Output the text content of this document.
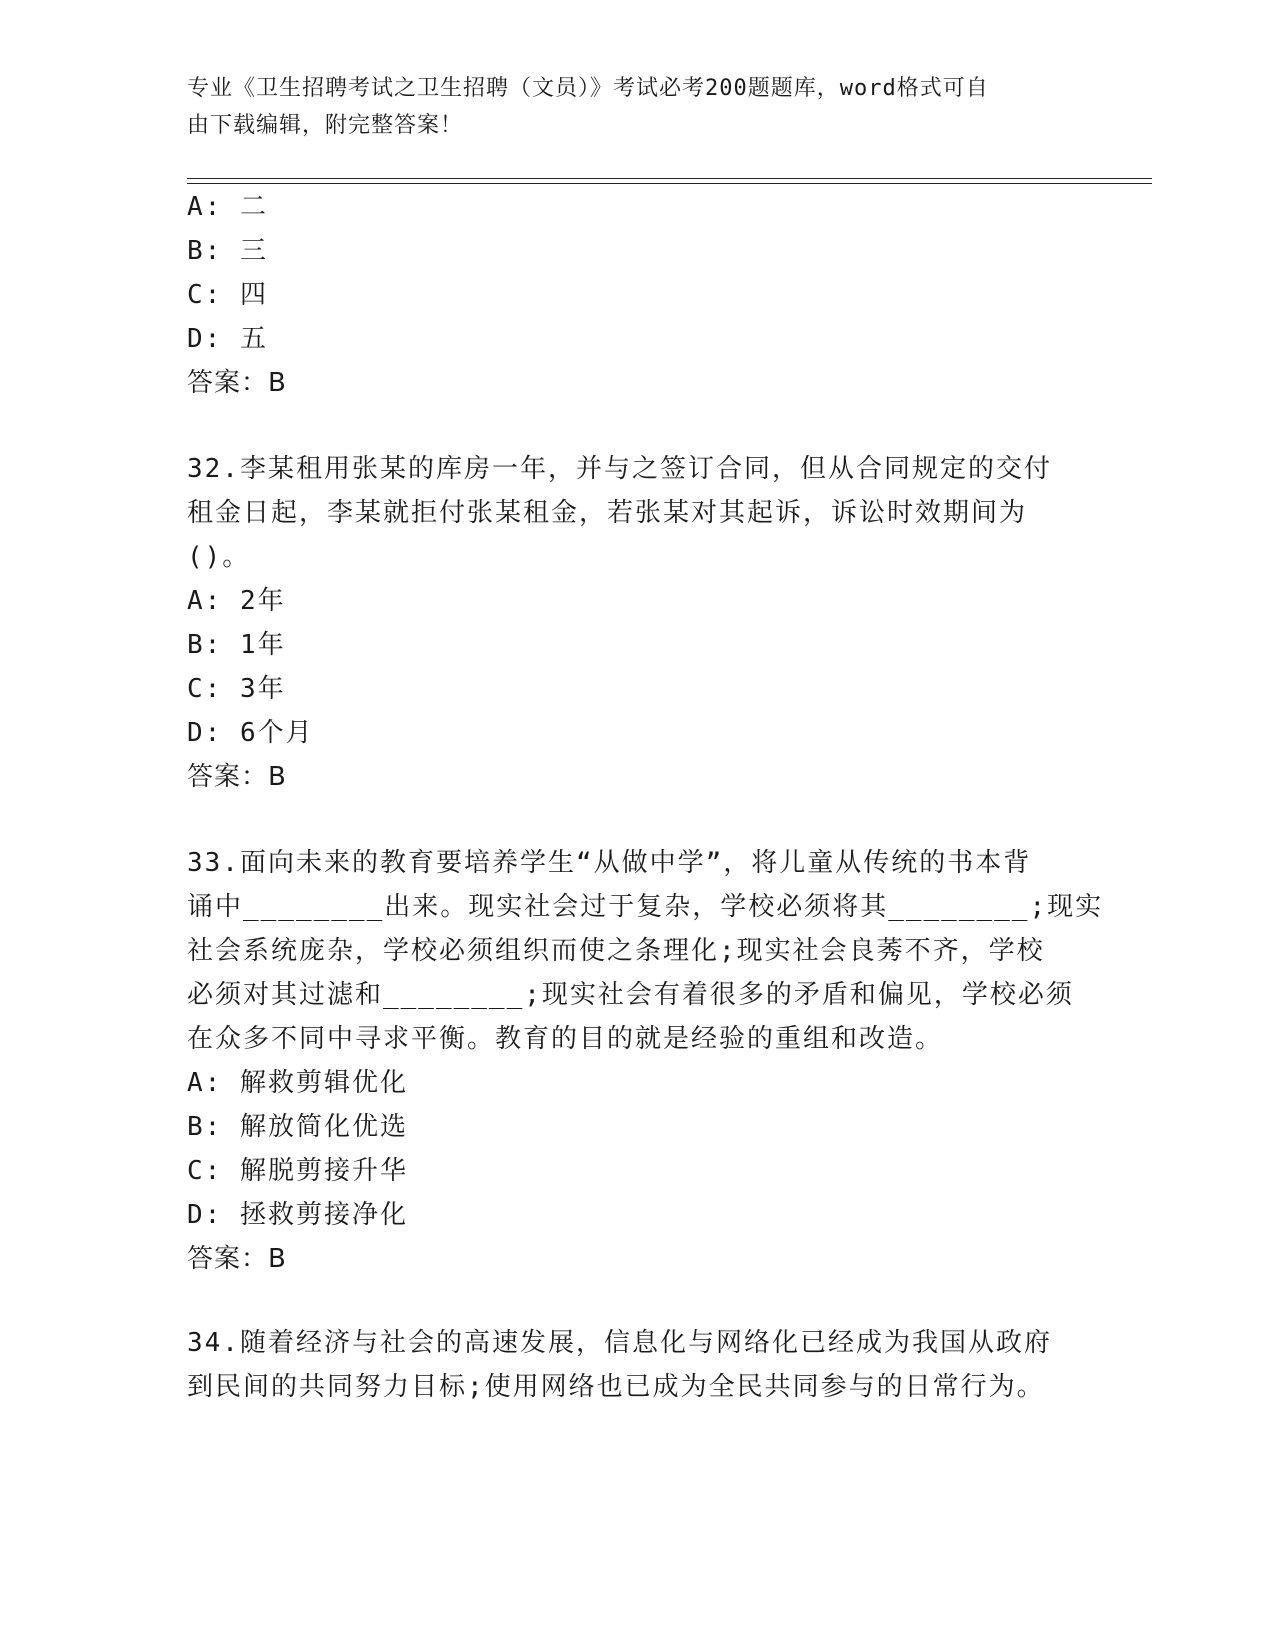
专业《卫生招聘考试之卫生招聘（文员）》考试必考200题题库，word格式可自
由下载编辑，附完整答案！
A: 二
B: 三
C: 四
D: 五
答案：B
32.李某租用张某的库房一年，并与之签订合同，但从合同规定的交付
租金日起，李某就拒付张某租金，若张某对其起诉，诉讼时效期间为
()。
A: 2年
B: 1年
C: 3年
D: 6个月
答案：B
33.面向未来的教育要培养学生“从做中学”，将儿童从传统的书本背
诵中________出来。现实社会过于复杂，学校必须将其________;现实
社会系统庞杂，学校必须组织而使之条理化;现实社会良莠不齐，学校
必须对其过滤和________;现实社会有着很多的矛盾和偏见，学校必须
在众多不同中寻求平衡。教育的目的就是经验的重组和改造。
A: 解救剪辑优化
B: 解放简化优选
C: 解脱剪接升华
D: 拯救剪接净化
答案：B
34.随着经济与社会的高速发展，信息化与网络化已经成为我国从政府
到民间的共同努力目标;使用网络也已成为全民共同参与的日常行为。
